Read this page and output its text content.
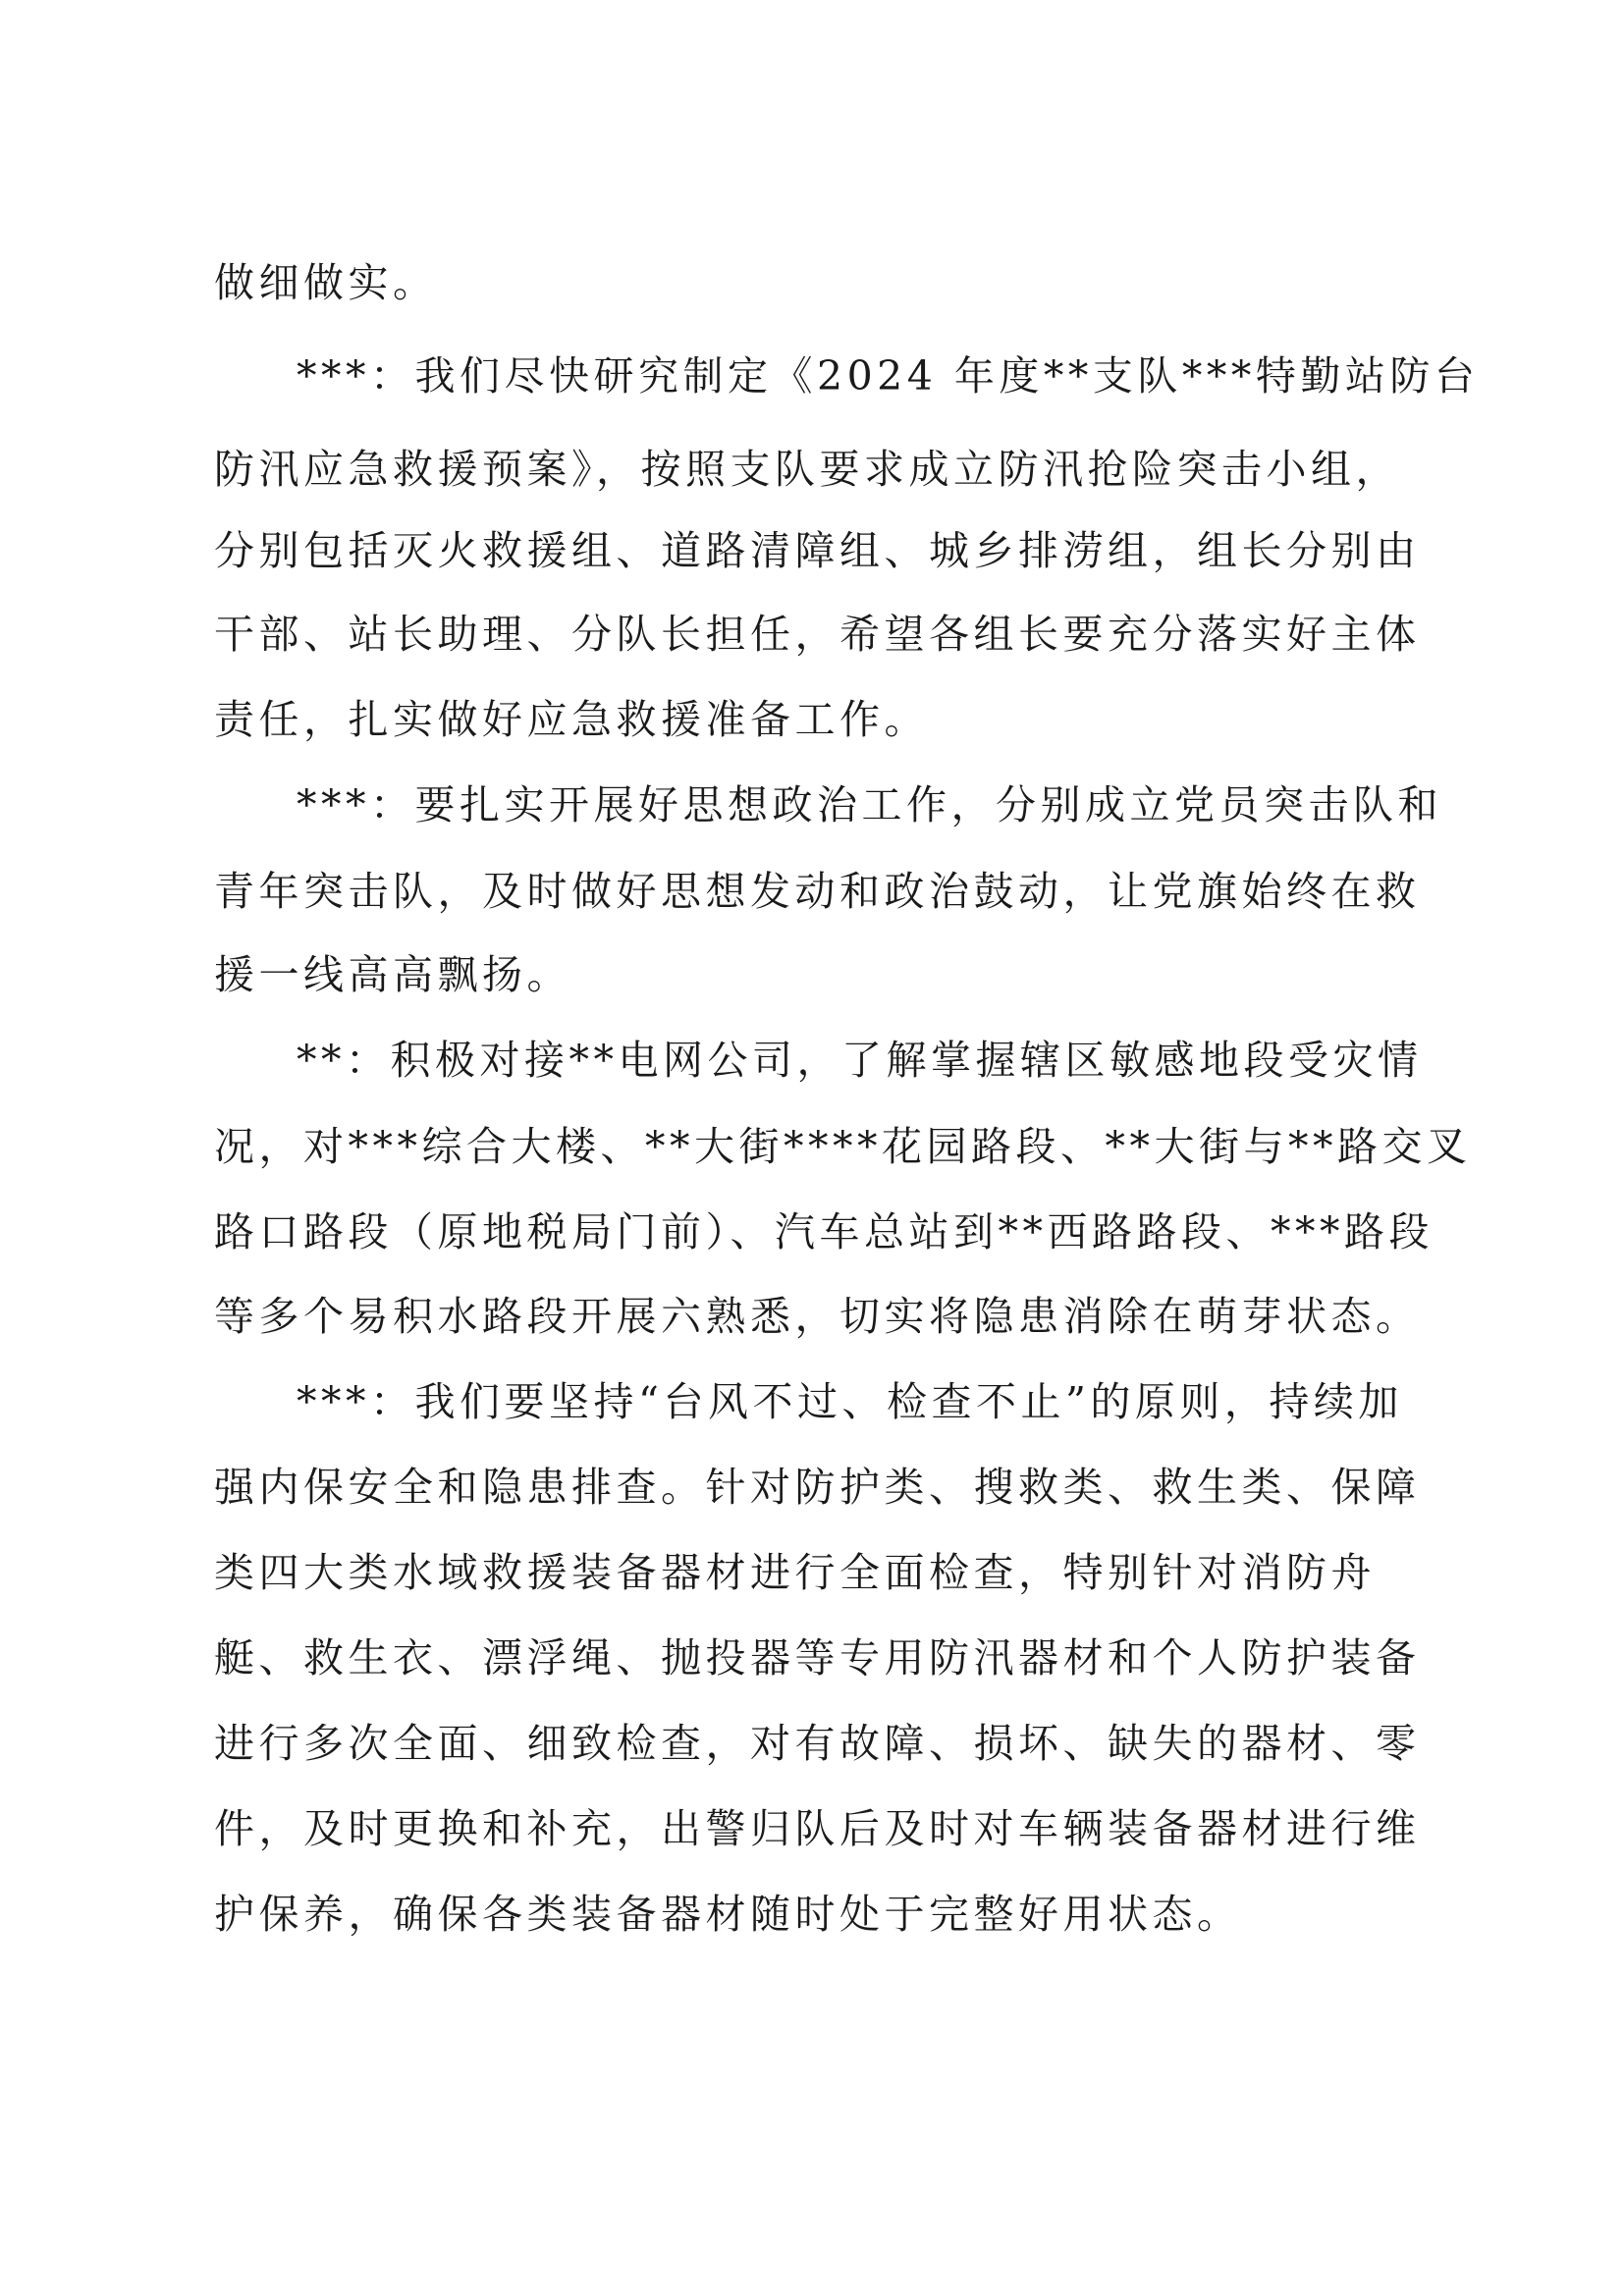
做细做实。
***：我们尽快研究制定《2024 年度**支队***特勤站防台
防汛应急救援预案》，按照支队要求成立防汛抢险突击小组，
分别包括灭火救援组、道路清障组、城乡排涝组，组长分别由
干部、站长助理、分队长担任，希望各组长要充分落实好主体
责任，扎实做好应急救援准备工作。
***：要扎实开展好思想政治工作，分别成立党员突击队和
青年突击队，及时做好思想发动和政治鼓动，让党旗始终在救
援一线高高飘扬。
**：积极对接**电网公司，了解掌握辖区敏感地段受灾情
况，对***综合大楼、**大街****花园路段、**大街与**路交叉
路口路段（原地税局门前）、汽车总站到**西路路段、***路段
等多个易积水路段开展六熟悉，切实将隐患消除在萌芽状态。
***：我们要坚持“台风不过、检查不止”的原则，持续加
强内保安全和隐患排查。针对防护类、搜救类、救生类、保障
类四大类水域救援装备器材进行全面检查，特别针对消防舟
艇、救生衣、漂浮绳、抛投器等专用防汛器材和个人防护装备
进行多次全面、细致检查，对有故障、损坏、缺失的器材、零
件，及时更换和补充，出警归队后及时对车辆装备器材进行维
护保养，确保各类装备器材随时处于完整好用状态。
